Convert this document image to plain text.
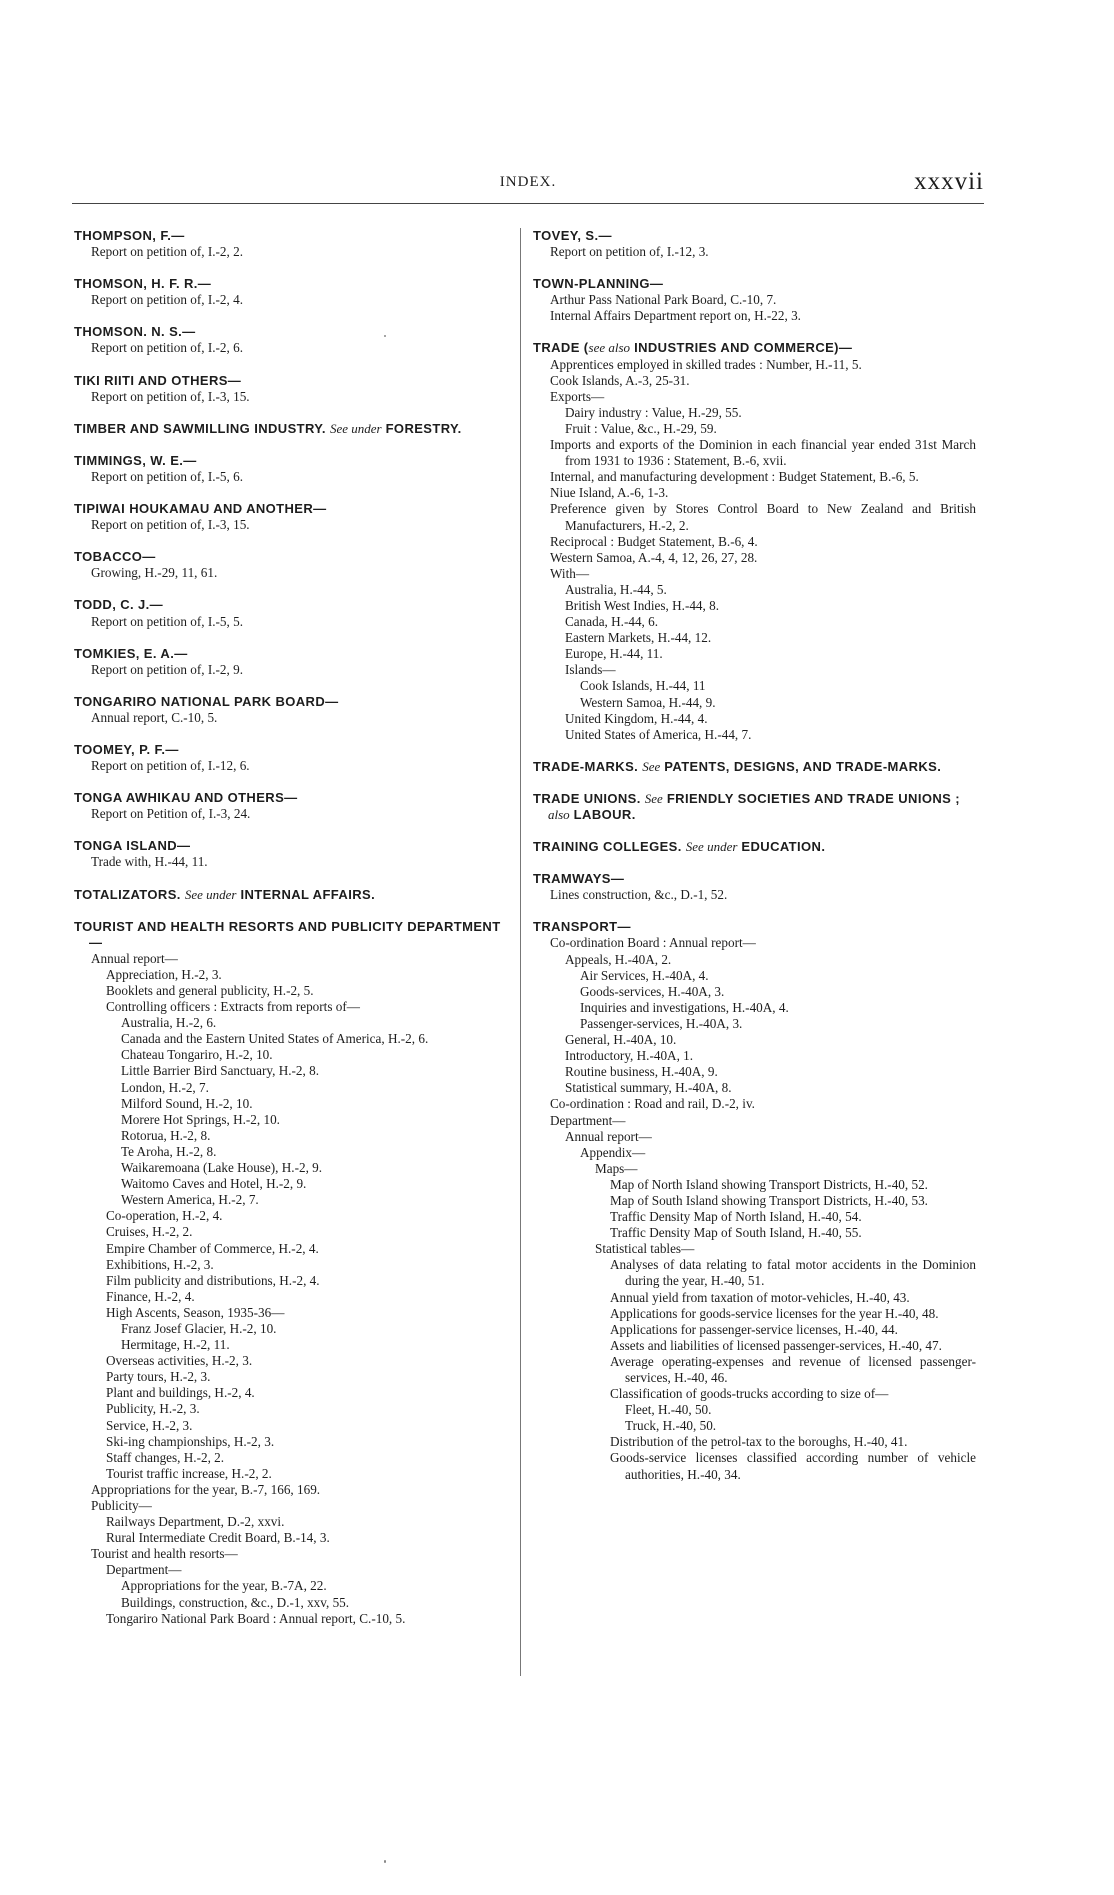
INDEX.	xxxvii
THOMPSON, F.—
Report on petition of, I.-2, 2.
THOMSON, H. F. R.—
Report on petition of, I.-2, 4.
THOMSON. N. S.—
Report on petition of, I.-2, 6.
TIKI RIITI AND OTHERS—
Report on petition of, I.-3, 15.
TIMBER AND SAWMILLING INDUSTRY. See under FORESTRY.
TIMMINGS, W. E.—
Report on petition of, I.-5, 6.
TIPIWAI HOUKAMAU AND ANOTHER—
Report on petition of, I.-3, 15.
TOBACCO—
Growing, H.-29, 11, 61.
TODD, C. J.—
Report on petition of, I.-5, 5.
TOMKIES, E. A.—
Report on petition of, I.-2, 9.
TONGARIRO NATIONAL PARK BOARD—
Annual report, C.-10, 5.
TOOMEY, P. F.—
Report on petition of, I.-12, 6.
TONGA AWHIKAU AND OTHERS—
Report on Petition of, I.-3, 24.
TONGA ISLAND—
Trade with, H.-44, 11.
TOTALIZATORS. See under INTERNAL AFFAIRS.
TOURIST AND HEALTH RESORTS AND PUBLICITY DEPARTMENT—
Annual report—
Appreciation, H.-2, 3.
Booklets and general publicity, H.-2, 5.
Controlling officers : Extracts from reports of—
Australia, H.-2, 6.
Canada and the Eastern United States of America, H.-2, 6.
Chateau Tongariro, H.-2, 10.
Little Barrier Bird Sanctuary, H.-2, 8.
London, H.-2, 7.
Milford Sound, H.-2, 10.
Morere Hot Springs, H.-2, 10.
Rotorua, H.-2, 8.
Te Aroha, H.-2, 8.
Waikaremoana (Lake House), H.-2, 9.
Waitomo Caves and Hotel, H.-2, 9.
Western America, H.-2, 7.
Co-operation, H.-2, 4.
Cruises, H.-2, 2.
Empire Chamber of Commerce, H.-2, 4.
Exhibitions, H.-2, 3.
Film publicity and distributions, H.-2, 4.
Finance, H.-2, 4.
High Ascents, Season, 1935-36—
Franz Josef Glacier, H.-2, 10.
Hermitage, H.-2, 11.
Overseas activities, H.-2, 3.
Party tours, H.-2, 3.
Plant and buildings, H.-2, 4.
Publicity, H.-2, 3.
Service, H.-2, 3.
Ski-ing championships, H.-2, 3.
Staff changes, H.-2, 2.
Tourist traffic increase, H.-2, 2.
Appropriations for the year, B.-7, 166, 169.
Publicity—
Railways Department, D.-2, xxvi.
Rural Intermediate Credit Board, B.-14, 3.
Tourist and health resorts—
Department—
Appropriations for the year, B.-7A, 22.
Buildings, construction, &c., D.-1, xxv, 55.
Tongariro National Park Board : Annual report, C.-10, 5.
TOVEY, S.—
Report on petition of, I.-12, 3.
TOWN-PLANNING—
Arthur Pass National Park Board, C.-10, 7.
Internal Affairs Department report on, H.-22, 3.
TRADE (see also INDUSTRIES AND COMMERCE)—
Apprentices employed in skilled trades : Number, H.-11, 5.
Cook Islands, A.-3, 25-31.
Exports—
Dairy industry : Value, H.-29, 55.
Fruit : Value, &c., H.-29, 59.
Imports and exports of the Dominion in each financial year ended 31st March from 1931 to 1936 : Statement, B.-6, xvii.
Internal, and manufacturing development : Budget Statement, B.-6, 5.
Niue Island, A.-6, 1-3.
Preference given by Stores Control Board to New Zealand and British Manufacturers, H.-2, 2.
Reciprocal : Budget Statement, B.-6, 4.
Western Samoa, A.-4, 4, 12, 26, 27, 28.
With—
Australia, H.-44, 5.
British West Indies, H.-44, 8.
Canada, H.-44, 6.
Eastern Markets, H.-44, 12.
Europe, H.-44, 11.
Islands—
Cook Islands, H.-44, 11
Western Samoa, H.-44, 9.
United Kingdom, H.-44, 4.
United States of America, H.-44, 7.
TRADE-MARKS. See PATENTS, DESIGNS, AND TRADE-MARKS.
TRADE UNIONS. See FRIENDLY SOCIETIES AND TRADE UNIONS ; also LABOUR.
TRAINING COLLEGES. See under EDUCATION.
TRAMWAYS—
Lines construction, &c., D.-1, 52.
TRANSPORT—
Co-ordination Board : Annual report—
Appeals, H.-40A, 2.
Air Services, H.-40A, 4.
Goods-services, H.-40A, 3.
Inquiries and investigations, H.-40A, 4.
Passenger-services, H.-40A, 3.
General, H.-40A, 10.
Introductory, H.-40A, 1.
Routine business, H.-40A, 9.
Statistical summary, H.-40A, 8.
Co-ordination : Road and rail, D.-2, iv.
Department—
Annual report—
Appendix—
Maps—
Map of North Island showing Transport Districts, H.-40, 52.
Map of South Island showing Transport Districts, H.-40, 53.
Traffic Density Map of North Island, H.-40, 54.
Traffic Density Map of South Island, H.-40, 55.
Statistical tables—
Analyses of data relating to fatal motor accidents in the Dominion during the year, H.-40, 51.
Annual yield from taxation of motor-vehicles, H.-40, 43.
Applications for goods-service licenses for the year H.-40, 48.
Applications for passenger-service licenses, H.-40, 44.
Assets and liabilities of licensed passenger-services, H.-40, 47.
Average operating-expenses and revenue of licensed passenger-services, H.-40, 46.
Classification of goods-trucks according to size of—
Fleet, H.-40, 50.
Truck, H.-40, 50.
Distribution of the petrol-tax to the boroughs, H.-40, 41.
Goods-service licenses classified according number of vehicle authorities, H.-40, 34.
